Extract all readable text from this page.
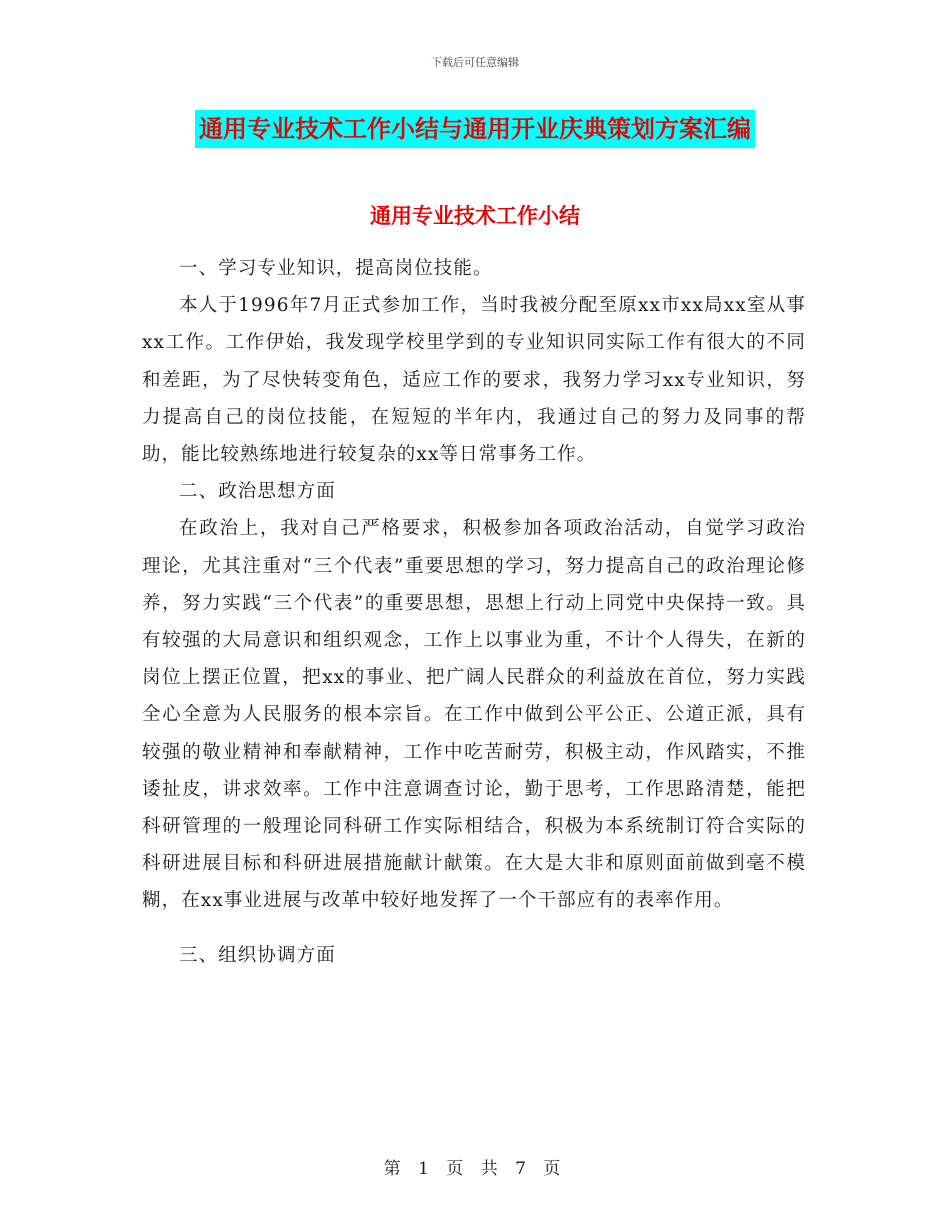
下载后可任意编辑
通用专业技术工作小结与通用开业庆典策划方案汇编
通用专业技术工作小结

一、学习专业知识，提高岗位技能。

本人于1996年7月正式参加工作，当时我被分配至原xx市xx局xx室从事xx工作。工作伊始，我发现学校里学到的专业知识同实际工作有很大的不同和差距，为了尽快转变角色，适应工作的要求，我努力学习xx专业知识，努力提高自己的岗位技能，在短短的半年内，我通过自己的努力及同事的帮助，能比较熟练地进行较复杂的xx等日常事务工作。

二、政治思想方面

在政治上，我对自己严格要求，积极参加各项政治活动，自觉学习政治理论，尤其注重对“三个代表”重要思想的学习，努力提高自己的政治理论修养，努力实践“三个代表”的重要思想，思想上行动上同党中央保持一致。具有较强的大局意识和组织观念，工作上以事业为重，不计个人得失，在新的岗位上摆正位置，把xx的事业、把广阔人民群众的利益放在首位，努力实践全心全意为人民服务的根本宗旨。在工作中做到公平公正、公道正派，具有较强的敬业精神和奉献精神，工作中吃苦耐劳，积极主动，作风踏实，不推诿扯皮，讲求效率。工作中注意调查讨论，勤于思考，工作思路清楚，能把科研管理的一般理论同科研工作实际相结合，积极为本系统制订符合实际的科研进展目标和科研进展措施献计献策。在大是大非和原则面前做到毫不模糊，在xx事业进展与改革中较好地发挥了一个干部应有的表率作用。

三、组织协调方面

第 1 页 共 7 页
